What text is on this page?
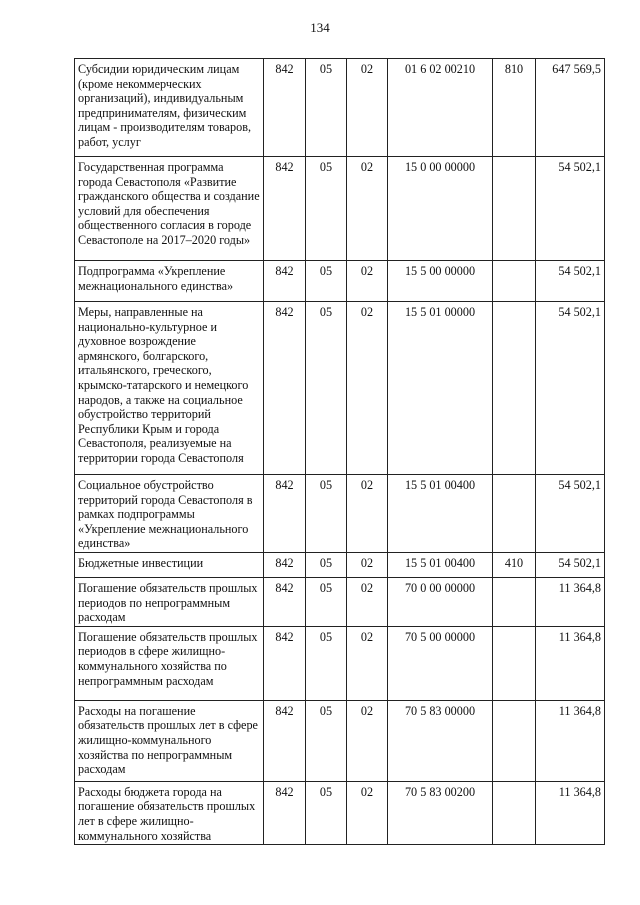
134
Субсидии юридическим лицам (кроме некоммерческих организаций), индивидуальным предпринимателям, физическим лицам - производителям товаров, работ, услуг	842	05	02	01 6 02 00210	810	647 569,5
Государственная программа города Севастополя «Развитие гражданского общества и создание условий для обеспечения общественного согласия в городе Севастополе на 2017–2020 годы»	842	05	02	15 0 00 00000		54 502,1
Подпрограмма «Укрепление межнационального единства»	842	05	02	15 5 00 00000		54 502,1
Меры, направленные на национально-культурное и духовное возрождение армянского, болгарского, итальянского, греческого, крымско-татарского и немецкого народов, а также на социальное обустройство территорий Республики Крым и города Севастополя, реализуемые на территории города Севастополя	842	05	02	15 5 01 00000		54 502,1
Социальное обустройство территорий города Севастополя в рамках подпрограммы «Укрепление межнационального единства»	842	05	02	15 5 01 00400		54 502,1
Бюджетные инвестиции	842	05	02	15 5 01 00400	410	54 502,1
Погашение обязательств прошлых периодов по непрограммным расходам	842	05	02	70 0 00 00000		11 364,8
Погашение обязательств прошлых периодов в сфере жилищно-коммунального хозяйства по непрограммным расходам	842	05	02	70 5 00 00000		11 364,8
Расходы на погашение обязательств прошлых лет в сфере жилищно-коммунального хозяйства по непрограммным расходам	842	05	02	70 5 83 00000		11 364,8
Расходы бюджета города на погашение обязательств прошлых лет в сфере жилищно-коммунального хозяйства	842	05	02	70 5 83 00200		11 364,8
